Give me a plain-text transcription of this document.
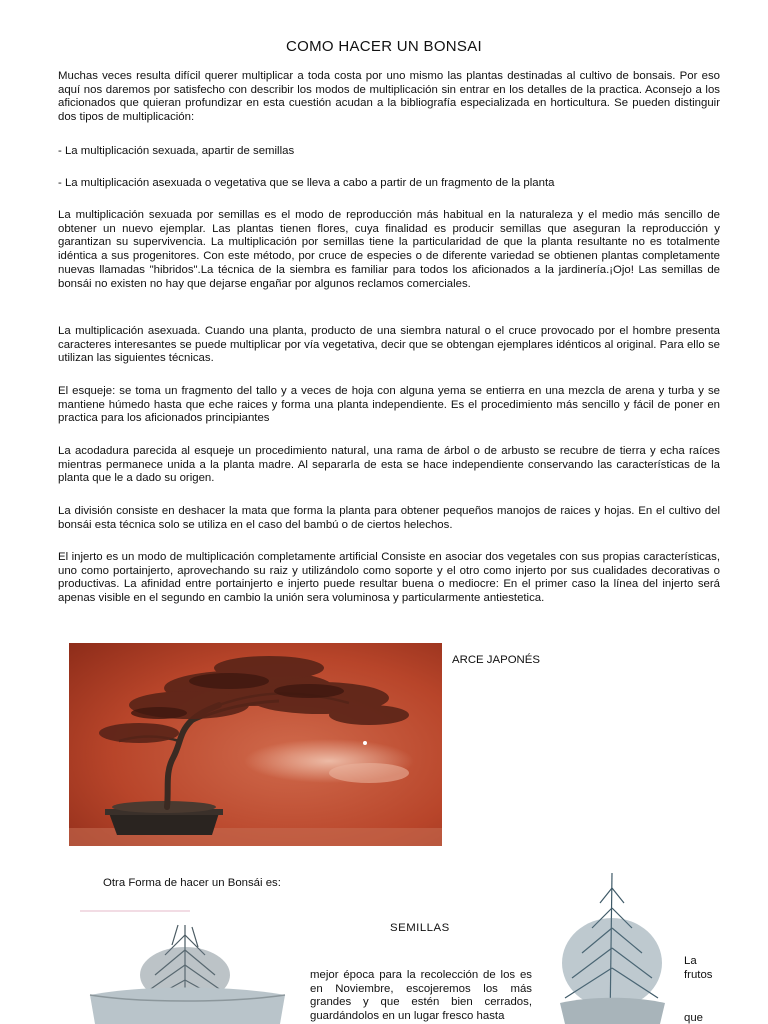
COMO HACER UN BONSAI

Muchas veces resulta difícil querer multiplicar a toda costa por uno mismo las plantas destinadas al cultivo de bonsais. Por eso aquí nos daremos por satisfecho con describir los modos de multiplicación sin entrar en los detalles de la practica. Aconsejo a los aficionados que quieran profundizar en esta cuestión acudan a la bibliografía especializada en horticultura. Se pueden distinguir dos tipos de multiplicación:

- La multiplicación sexuada, apartir de semillas

- La multiplicación asexuada o vegetativa que se lleva a cabo a partir de un fragmento de la planta

La multiplicación sexuada por semillas es el modo de reproducción más habitual en la naturaleza y el medio más sencillo de obtener un nuevo ejemplar. Las plantas tienen flores, cuya finalidad es producir semillas que aseguran la reproducción y garantizan su supervivencia. La multiplicación por semillas tiene la particularidad de que la planta resultante no es totalmente idéntica a sus progenitores. Con este método, por cruce de especies o de diferente variedad se obtienen plantas completamente nuevas llamadas "hibridos".La técnica de la siembra es familiar para todos los aficionados a la jardinería.¡Ojo! Las semillas de bonsái no existen no hay que dejarse engañar por algunos reclamos comerciales.

La multiplicación asexuada. Cuando una planta, producto de una siembra natural o el cruce provocado por el hombre presenta caracteres interesantes se puede multiplicar por vía vegetativa, decir que se obtengan ejemplares idénticos al original. Para ello se utilizan las siguientes técnicas.

El esqueje: se toma un fragmento del tallo y a veces de hoja con alguna yema se entierra en una mezcla de arena y turba y se mantiene húmedo hasta que eche raices y forma una planta independiente. Es el procedimiento más sencillo y fácil de poner en practica para los aficionados principiantes

La acodadura parecida al esqueje un procedimiento natural, una rama de árbol o de arbusto se recubre de tierra y echa raíces mientras permanece unida a la planta madre. Al separarla de esta se hace independiente conservando las características de la planta que le a dado su origen.

La división consiste en deshacer la mata que forma la planta para obtener pequeños manojos de raices y hojas. En el cultivo del bonsái esta técnica solo se utiliza en el caso del bambú o de ciertos helechos.

El injerto es un modo de multiplicación completamente artificial Consiste en asociar dos vegetales con sus propias características, uno como portainjerto, aprovechando su raiz y utilizándolo como soporte y el otro como injerto por sus cualidades decorativas o productivas. La afinidad entre portainjerto e injerto puede resultar buena o mediocre: En el primer caso la línea del injerto será apenas visible en el segundo en cambio la unión sera voluminosa y particularmente antiestetica.

ARCE JAPONÉS
Otra Forma de hacer un Bonsái es:
SEMILLAS
mejor época para la recolección de los es en Noviembre, escojeremos los más grandes y que estén bien cerrados, guardándolos en un lugar fresco hasta
La
frutos
que
